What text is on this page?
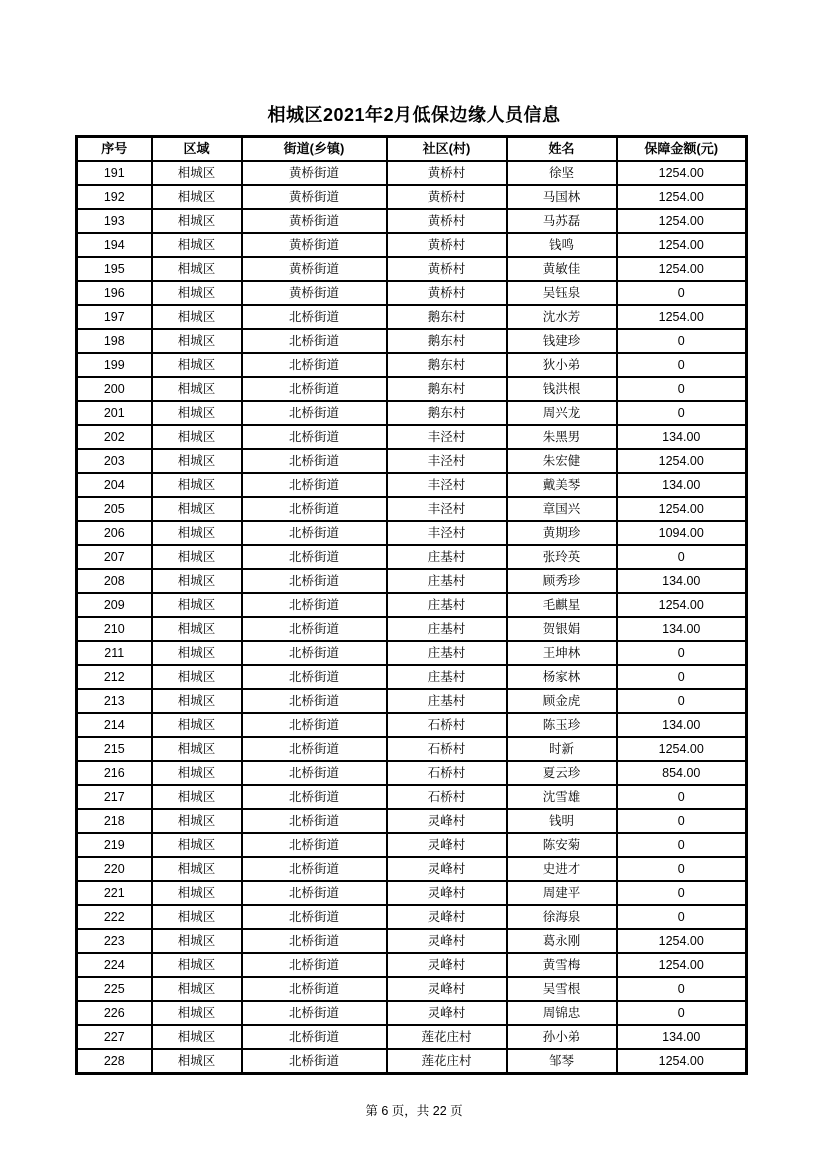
相城区2021年2月低保边缘人员信息
序号	区域	街道(乡镇)	社区(村)	姓名	保障金额(元)
191	相城区	黄桥街道	黄桥村	徐坚	1254.00
192	相城区	黄桥街道	黄桥村	马国林	1254.00
193	相城区	黄桥街道	黄桥村	马苏磊	1254.00
194	相城区	黄桥街道	黄桥村	钱鸣	1254.00
195	相城区	黄桥街道	黄桥村	黄敏佳	1254.00
196	相城区	黄桥街道	黄桥村	吴钰泉	0
197	相城区	北桥街道	鹅东村	沈水芳	1254.00
198	相城区	北桥街道	鹅东村	钱建珍	0
199	相城区	北桥街道	鹅东村	狄小弟	0
200	相城区	北桥街道	鹅东村	钱洪根	0
201	相城区	北桥街道	鹅东村	周兴龙	0
202	相城区	北桥街道	丰泾村	朱黑男	134.00
203	相城区	北桥街道	丰泾村	朱宏健	1254.00
204	相城区	北桥街道	丰泾村	戴美琴	134.00
205	相城区	北桥街道	丰泾村	章国兴	1254.00
206	相城区	北桥街道	丰泾村	黄期珍	1094.00
207	相城区	北桥街道	庄基村	张玲英	0
208	相城区	北桥街道	庄基村	顾秀珍	134.00
209	相城区	北桥街道	庄基村	毛麒星	1254.00
210	相城区	北桥街道	庄基村	贺银娟	134.00
211	相城区	北桥街道	庄基村	王坤林	0
212	相城区	北桥街道	庄基村	杨家林	0
213	相城区	北桥街道	庄基村	顾金虎	0
214	相城区	北桥街道	石桥村	陈玉珍	134.00
215	相城区	北桥街道	石桥村	时新	1254.00
216	相城区	北桥街道	石桥村	夏云珍	854.00
217	相城区	北桥街道	石桥村	沈雪雄	0
218	相城区	北桥街道	灵峰村	钱明	0
219	相城区	北桥街道	灵峰村	陈安菊	0
220	相城区	北桥街道	灵峰村	史进才	0
221	相城区	北桥街道	灵峰村	周建平	0
222	相城区	北桥街道	灵峰村	徐海泉	0
223	相城区	北桥街道	灵峰村	葛永刚	1254.00
224	相城区	北桥街道	灵峰村	黄雪梅	1254.00
225	相城区	北桥街道	灵峰村	吴雪根	0
226	相城区	北桥街道	灵峰村	周锦忠	0
227	相城区	北桥街道	莲花庄村	孙小弟	134.00
228	相城区	北桥街道	莲花庄村	邹琴	1254.00
第 6 页，共 22 页
